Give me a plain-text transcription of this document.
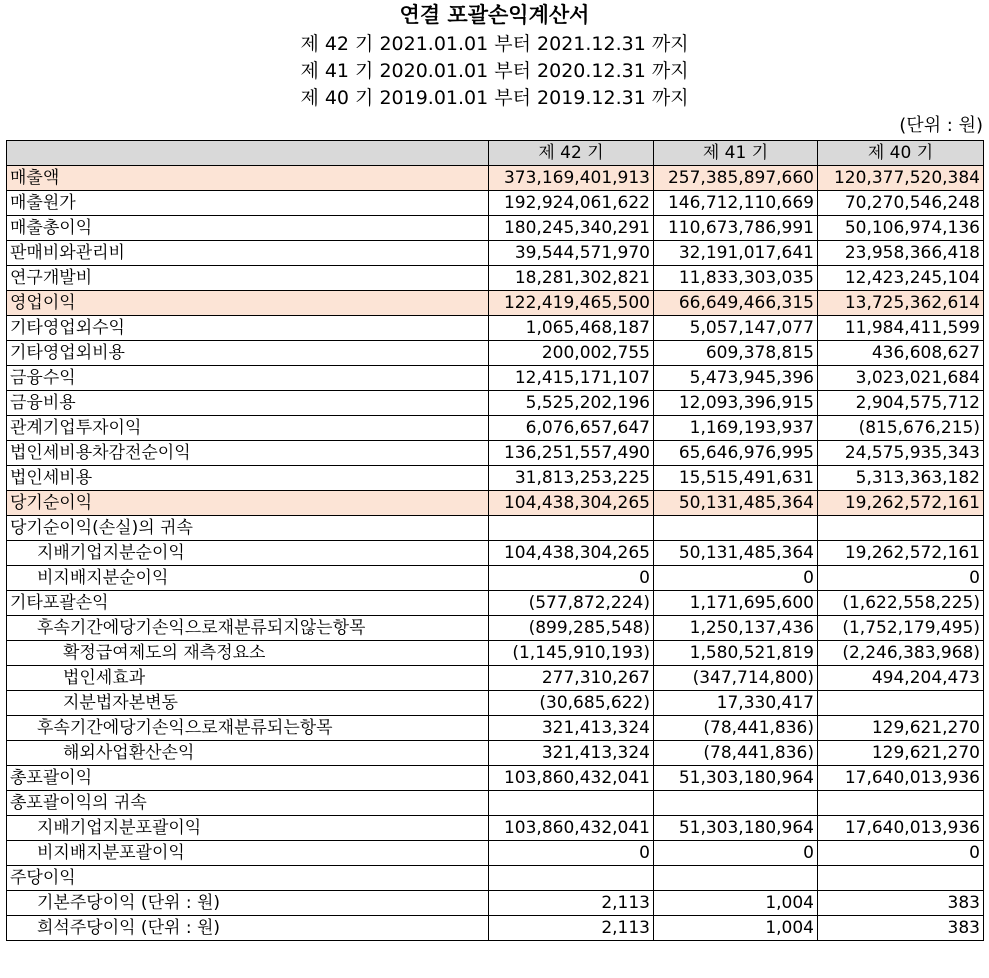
연결 포괄손익계산서
제 42 기 2021.01.01 부터 2021.12.31 까지
제 41 기 2020.01.01 부터 2020.12.31 까지
제 40 기 2019.01.01 부터 2019.12.31 까지
(단위 : 원)
	제 42 기	제 41 기	제 40 기
매출액	373,169,401,913	257,385,897,660	120,377,520,384
매출원가	192,924,061,622	146,712,110,669	70,270,546,248
매출총이익	180,245,340,291	110,673,786,991	50,106,974,136
판매비와관리비	39,544,571,970	32,191,017,641	23,958,366,418
연구개발비	18,281,302,821	11,833,303,035	12,423,245,104
영업이익	122,419,465,500	66,649,466,315	13,725,362,614
기타영업외수익	1,065,468,187	5,057,147,077	11,984,411,599
기타영업외비용	200,002,755	609,378,815	436,608,627
금융수익	12,415,171,107	5,473,945,396	3,023,021,684
금융비용	5,525,202,196	12,093,396,915	2,904,575,712
관계기업투자이익	6,076,657,647	1,169,193,937	(815,676,215)
법인세비용차감전순이익	136,251,557,490	65,646,976,995	24,575,935,343
법인세비용	31,813,253,225	15,515,491,631	5,313,363,182
당기순이익	104,438,304,265	50,131,485,364	19,262,572,161
당기순이익(손실)의 귀속			
지배기업지분순이익	104,438,304,265	50,131,485,364	19,262,572,161
비지배지분순이익	0	0	0
기타포괄손익	(577,872,224)	1,171,695,600	(1,622,558,225)
후속기간에당기손익으로재분류되지않는항목	(899,285,548)	1,250,137,436	(1,752,179,495)
확정급여제도의 재측정요소	(1,145,910,193)	1,580,521,819	(2,246,383,968)
법인세효과	277,310,267	(347,714,800)	494,204,473
지분법자본변동	(30,685,622)	17,330,417	
후속기간에당기손익으로재분류되는항목	321,413,324	(78,441,836)	129,621,270
해외사업환산손익	321,413,324	(78,441,836)	129,621,270
총포괄이익	103,860,432,041	51,303,180,964	17,640,013,936
총포괄이익의 귀속			
지배기업지분포괄이익	103,860,432,041	51,303,180,964	17,640,013,936
비지배지분포괄이익	0	0	0
주당이익			
기본주당이익 (단위 : 원)	2,113	1,004	383
희석주당이익 (단위 : 원)	2,113	1,004	383
